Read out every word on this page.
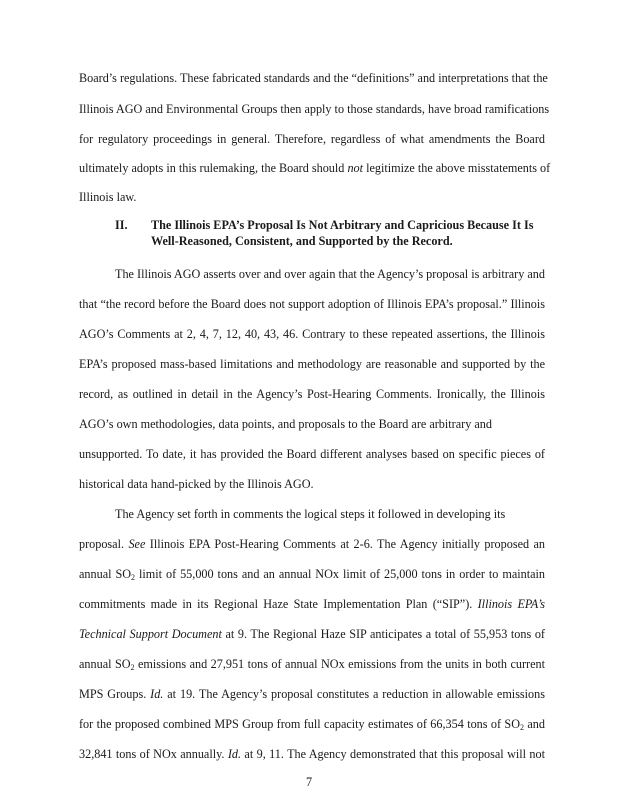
Board’s regulations. These fabricated standards and the “definitions” and interpretations that the
Illinois AGO and Environmental Groups then apply to those standards, have broad ramifications
for regulatory proceedings in general. Therefore, regardless of what amendments the Board
ultimately adopts in this rulemaking, the Board should not legitimize the above misstatements of
Illinois law.
II. The Illinois EPA’s Proposal Is Not Arbitrary and Capricious Because It Is
Well-Reasoned, Consistent, and Supported by the Record.
The Illinois AGO asserts over and over again that the Agency’s proposal is arbitrary and
that “the record before the Board does not support adoption of Illinois EPA’s proposal.” Illinois
AGO’s Comments at 2, 4, 7, 12, 40, 43, 46. Contrary to these repeated assertions, the Illinois
EPA’s proposed mass-based limitations and methodology are reasonable and supported by the
record, as outlined in detail in the Agency’s Post-Hearing Comments. Ironically, the Illinois
AGO’s own methodologies, data points, and proposals to the Board are arbitrary and
unsupported. To date, it has provided the Board different analyses based on specific pieces of
historical data hand-picked by the Illinois AGO.
The Agency set forth in comments the logical steps it followed in developing its
proposal. See Illinois EPA Post-Hearing Comments at 2-6. The Agency initially proposed an
annual $SO_2$ limit of 55,000 tons and an annual NOx limit of 25,000 tons in order to maintain
commitments made in its Regional Haze State Implementation Plan (“SIP”). Illinois EPA’s
Technical Support Document at 9. The Regional Haze SIP anticipates a total of 55,953 tons of
annual $SO_2$ emissions and 27,951 tons of annual NOx emissions from the units in both current
MPS Groups. Id. at 19. The Agency’s proposal constitutes a reduction in allowable emissions
for the proposed combined MPS Group from full capacity estimates of 66,354 tons of $SO_2$ and
32,841 tons of NOx annually. Id. at 9, 11. The Agency demonstrated that this proposal will not
7
